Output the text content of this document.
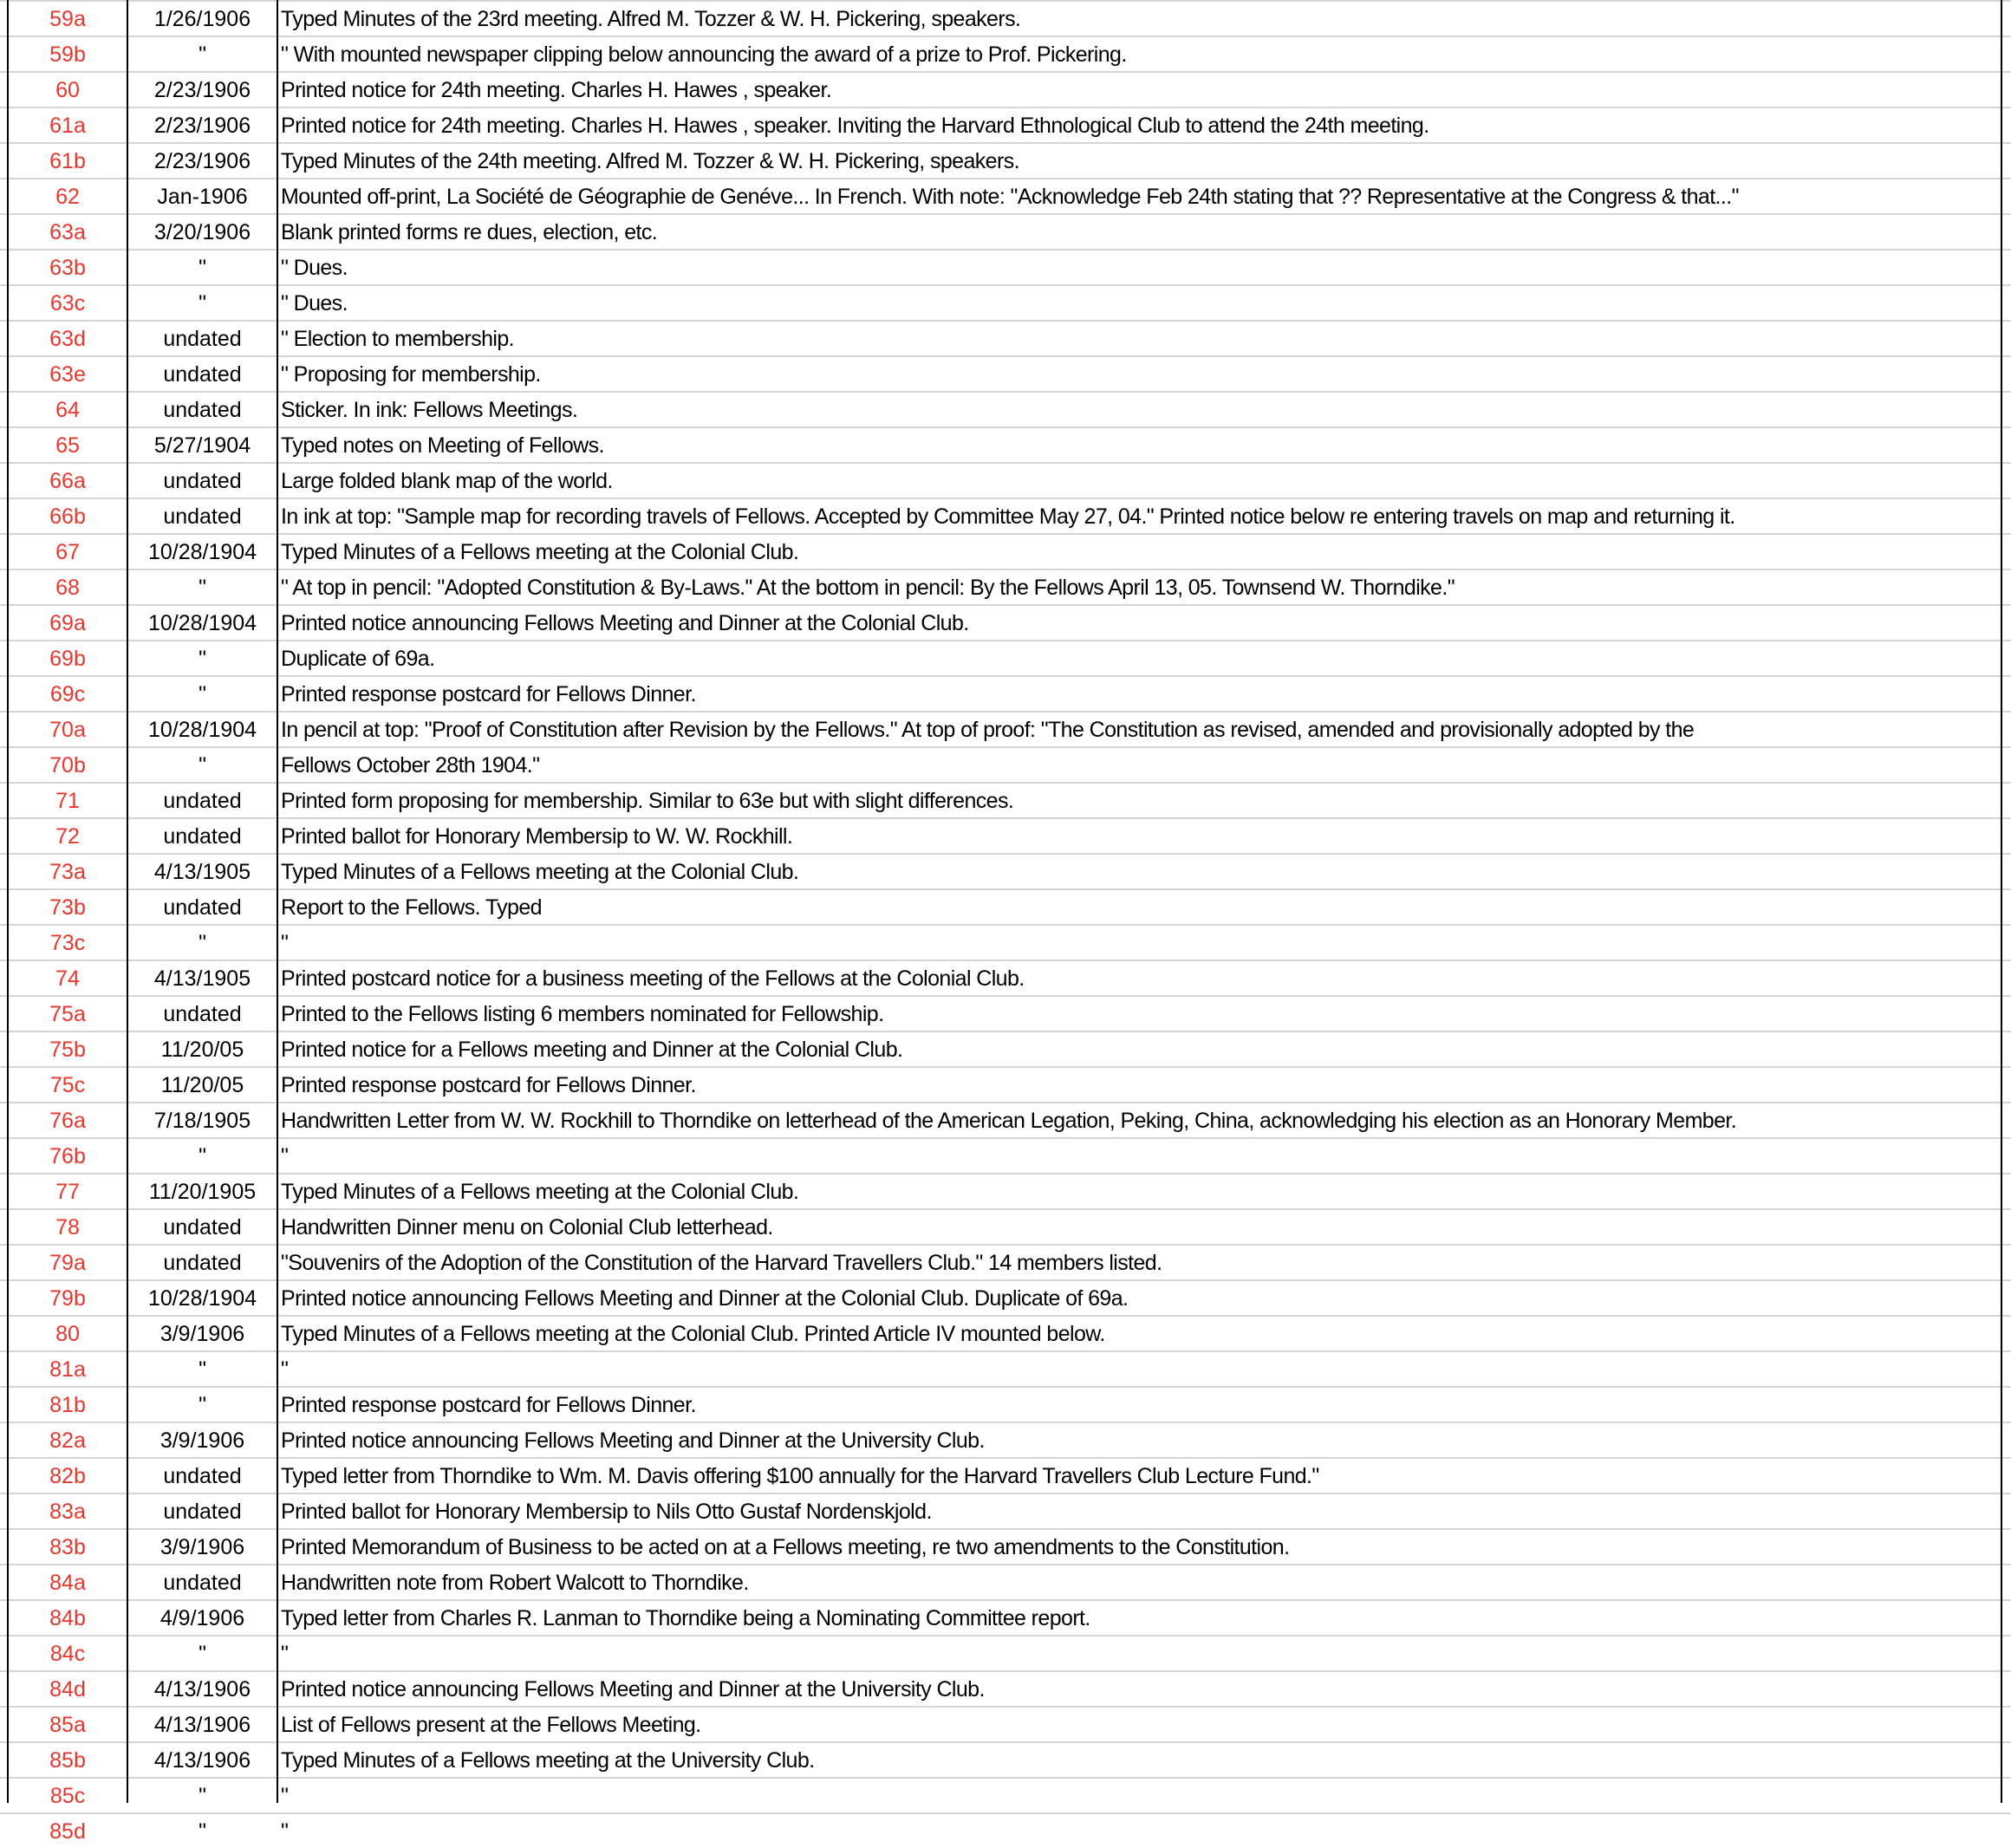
	59a	1/26/1906	Typed Minutes of the 23rd meeting. Alfred M. Tozzer & W. H. Pickering, speakers.	
	59b	"	" With mounted newspaper clipping below announcing the award of a prize to Prof. Pickering.	
	60	2/23/1906	Printed notice for 24th meeting. Charles H. Hawes , speaker.	
	61a	2/23/1906	Printed notice for 24th meeting. Charles H. Hawes , speaker. Inviting the Harvard Ethnological Club to attend the 24th meeting.	
	61b	2/23/1906	Typed Minutes of the 24th meeting. Alfred M. Tozzer & W. H. Pickering, speakers.	
	62	Jan-1906	Mounted off-print, La Société de Géographie de Genéve... In French. With note: "Acknowledge Feb 24th stating that ?? Representative at the Congress & that..."	
	63a	3/20/1906	Blank printed forms re dues, election, etc.	
	63b	"	" Dues.	
	63c	"	" Dues.	
	63d	undated	" Election to membership.	
	63e	undated	" Proposing for membership.	
	64	undated	Sticker. In ink: Fellows Meetings.	
	65	5/27/1904	Typed notes on Meeting of Fellows.	
	66a	undated	Large folded blank map of the world.	
	66b	undated	In ink at top: "Sample map for recording travels of Fellows. Accepted by Committee May 27, 04." Printed notice below re entering travels on map and returning it.	
	67	10/28/1904	Typed Minutes of a Fellows meeting at the Colonial Club.	
	68	"	" At top in pencil: "Adopted Constitution & By-Laws." At the bottom in pencil: By the Fellows April 13, 05. Townsend W. Thorndike."	
	69a	10/28/1904	Printed notice announcing Fellows Meeting and Dinner at the Colonial Club.	
	69b	"	Duplicate of 69a.	
	69c	"	Printed response postcard for Fellows Dinner.	
	70a	10/28/1904	In pencil at top: "Proof of Constitution after Revision by the Fellows." At top of proof: "The Constitution as revised, amended and provisionally adopted by the	
	70b	"	Fellows October 28th 1904."	
	71	undated	Printed form proposing for membership. Similar to 63e but with slight differences.	
	72	undated	Printed ballot for Honorary Membersip to W. W. Rockhill.	
	73a	4/13/1905	Typed Minutes of a Fellows meeting at the Colonial Club.	
	73b	undated	Report to the Fellows. Typed	
	73c	"	"	
	74	4/13/1905	Printed postcard notice for a business meeting of the Fellows at the Colonial Club.	
	75a	undated	Printed to the Fellows listing 6 members nominated for Fellowship.	
	75b	11/20/05	Printed notice for a Fellows meeting and Dinner at the Colonial Club.	
	75c	11/20/05	Printed response postcard for Fellows Dinner.	
	76a	7/18/1905	Handwritten Letter from W. W. Rockhill to Thorndike on letterhead of the American Legation, Peking, China, acknowledging his election as an Honorary Member.	
	76b	"	"	
	77	11/20/1905	Typed Minutes of a Fellows meeting at the Colonial Club.	
	78	undated	Handwritten Dinner menu on Colonial Club letterhead.	
	79a	undated	"Souvenirs of the Adoption of the Constitution of the Harvard Travellers Club." 14 members listed.	
	79b	10/28/1904	Printed notice announcing Fellows Meeting and Dinner at the Colonial Club. Duplicate of 69a.	
	80	3/9/1906	Typed Minutes of a Fellows meeting at the Colonial Club. Printed Article IV mounted below.	
	81a	"	"	
	81b	"	Printed response postcard for Fellows Dinner.	
	82a	3/9/1906	Printed notice announcing Fellows Meeting and Dinner at the University Club.	
	82b	undated	Typed letter from Thorndike to Wm. M. Davis offering $100 annually for the Harvard Travellers Club Lecture Fund."	
	83a	undated	Printed ballot for Honorary Membersip to Nils Otto Gustaf Nordenskjold.	
	83b	3/9/1906	Printed Memorandum of Business to be acted on at a Fellows meeting, re two amendments to the Constitution.	
	84a	undated	Handwritten note from Robert Walcott to Thorndike.	
	84b	4/9/1906	Typed letter from Charles R. Lanman to Thorndike being a Nominating Committee report.	
	84c	"	"	
	84d	4/13/1906	Printed notice announcing Fellows Meeting and Dinner at the University Club.	
	85a	4/13/1906	List of Fellows present at the Fellows Meeting.	
	85b	4/13/1906	Typed Minutes of a Fellows meeting at the University Club.	
	85c	"	"	
	85d	"	"	
